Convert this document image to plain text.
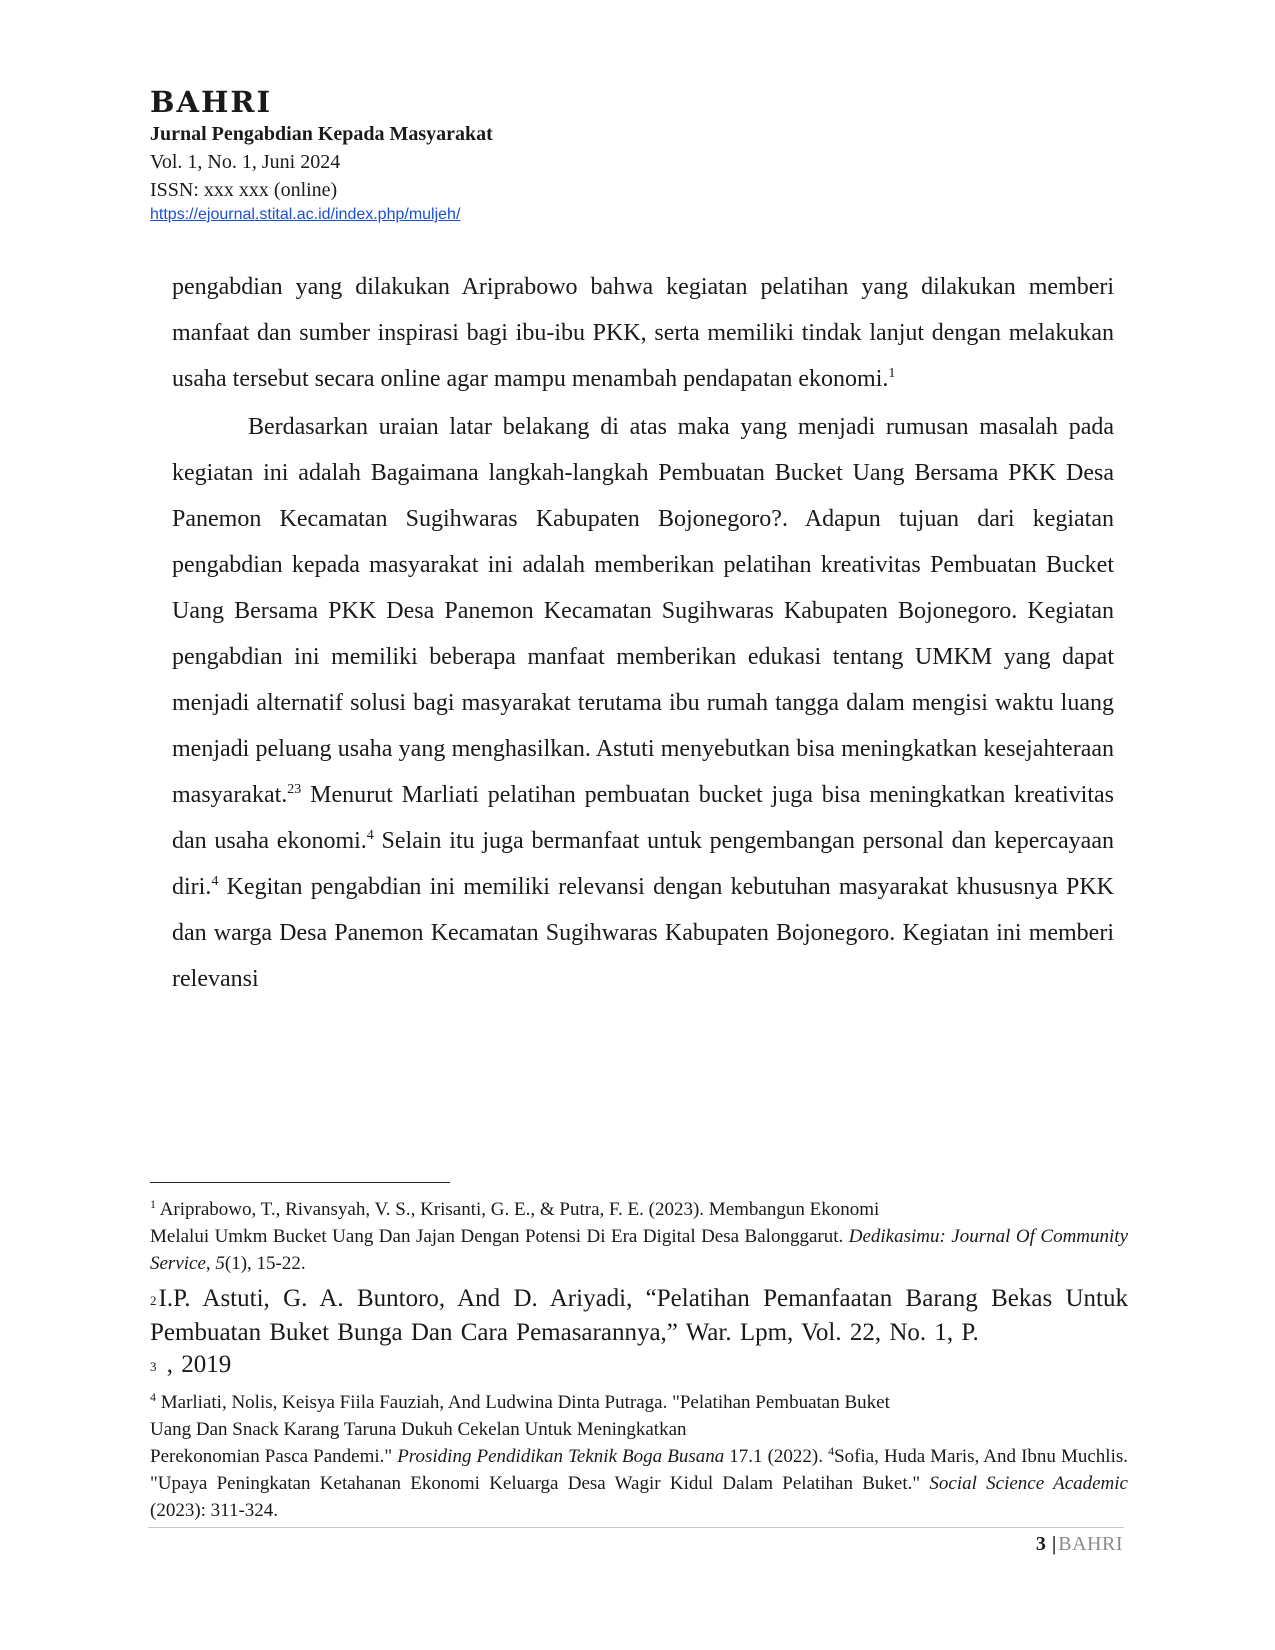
BAHRI
Jurnal Pengabdian Kepada Masyarakat
Vol. 1, No. 1, Juni 2024
ISSN: xxx xxx (online)
https://ejournal.stital.ac.id/index.php/muljeh/

pengabdian yang dilakukan Ariprabowo bahwa kegiatan pelatihan yang dilakukan memberi manfaat dan sumber inspirasi bagi ibu-ibu PKK, serta memiliki tindak lanjut dengan melakukan usaha tersebut secara online agar mampu menambah pendapatan ekonomi.$^1$

Berdasarkan uraian latar belakang di atas maka yang menjadi rumusan masalah pada kegiatan ini adalah Bagaimana langkah-langkah Pembuatan Bucket Uang Bersama PKK Desa Panemon Kecamatan Sugihwaras Kabupaten Bojonegoro?. Adapun tujuan dari kegiatan pengabdian kepada masyarakat ini adalah memberikan pelatihan kreativitas Pembuatan Bucket Uang Bersama PKK Desa Panemon Kecamatan Sugihwaras Kabupaten Bojonegoro. Kegiatan pengabdian ini memiliki beberapa manfaat memberikan edukasi tentang UMKM yang dapat menjadi alternatif solusi bagi masyarakat terutama ibu rumah tangga dalam mengisi waktu luang menjadi peluang usaha yang menghasilkan. Astuti menyebutkan bisa meningkatkan kesejahteraan masyarakat.$^{23}$ Menurut Marliati pelatihan pembuatan bucket juga bisa meningkatkan kreativitas dan usaha ekonomi.$^4$ Selain itu juga bermanfaat untuk pengembangan personal dan kepercayaan diri.$^4$ Kegitan pengabdian ini memiliki relevansi dengan kebutuhan masyarakat khususnya PKK dan warga Desa Panemon Kecamatan Sugihwaras Kabupaten Bojonegoro. Kegiatan ini memberi relevansi

$^1$ Ariprabowo, T., Rivansyah, V. S., Krisanti, G. E., & Putra, F. E. (2023). Membangun Ekonomi
Melalui Umkm Bucket Uang Dan Jajan Dengan Potensi Di Era Digital Desa Balonggarut. Dedikasimu: Journal Of Community Service, 5(1), 15-22.
2I.P. Astuti, G. A. Buntoro, And D. Ariyadi, “Pelatihan Pemanfaatan Barang Bekas Untuk Pembuatan Buket Bunga Dan Cara Pemasarannya,” War. Lpm, Vol. 22, No. 1, P.
3 , 2019
$^4$ Marliati, Nolis, Keisya Fiila Fauziah, And Ludwina Dinta Putraga. "Pelatihan Pembuatan Buket
Uang Dan Snack Karang Taruna Dukuh Cekelan Untuk Meningkatkan
Perekonomian Pasca Pandemi." Prosiding Pendidikan Teknik Boga Busana 17.1 (2022). $^4$Sofia, Huda Maris, And Ibnu Muchlis. "Upaya Peningkatan Ketahanan Ekonomi Keluarga Desa Wagir Kidul Dalam Pelatihan Buket." Social Science Academic (2023): 311-324.
3 | BAHRI
